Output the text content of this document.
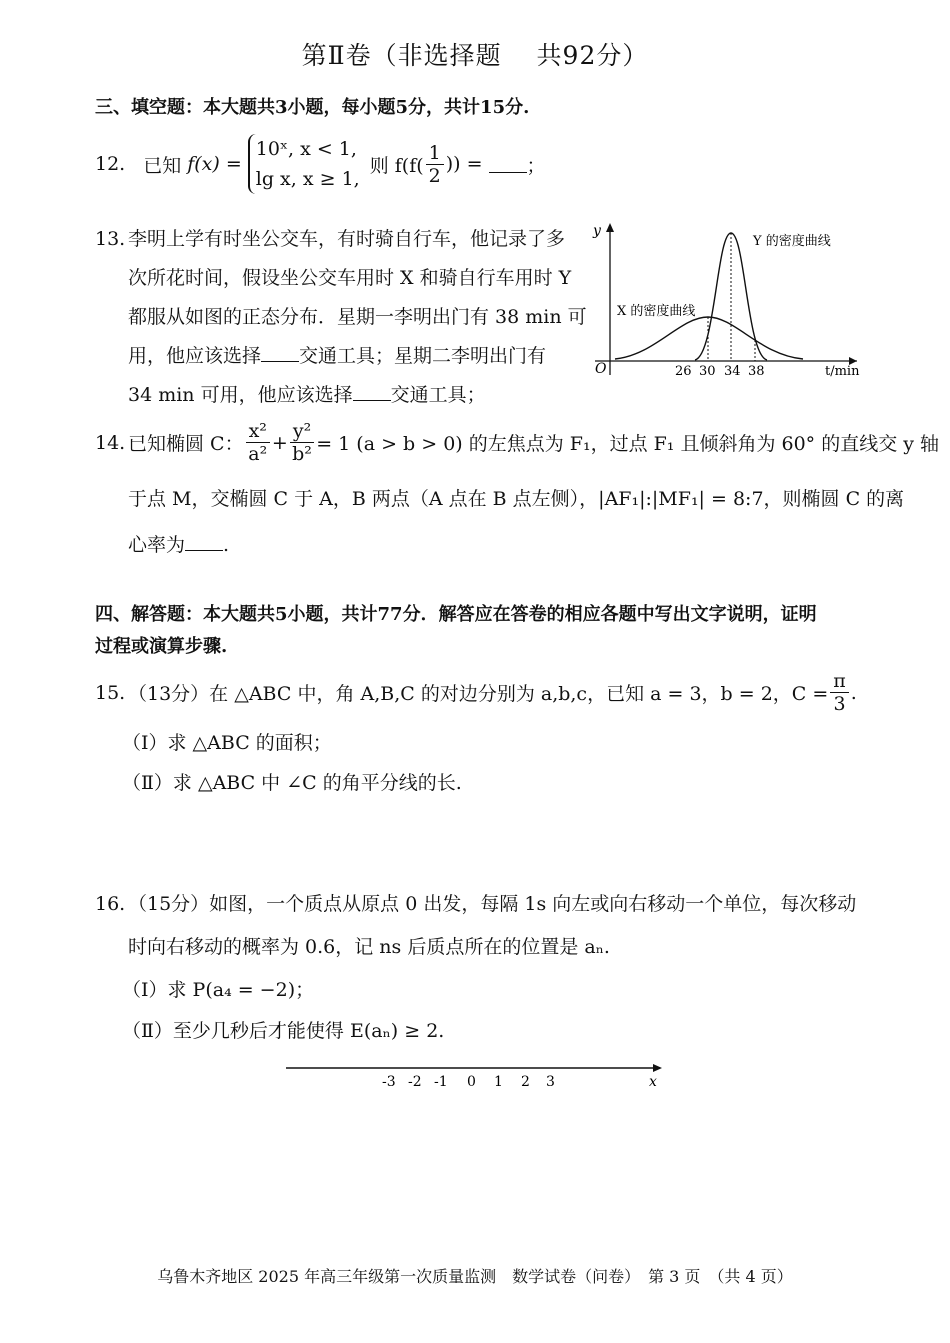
第Ⅱ卷（非选择题　 共92分）
三、填空题：本大题共3小题，每小题5分，共计15分.
12. 已知 f(x) =
10ˣ, x < 1,
lg x, x ≥ 1,
则 $f(f( \frac{1}{2}$ )) = ；
13. 李明上学有时坐公交车，有时骑自行车，他记录了多
次所花时间，假设坐公交车用时 X 和骑自行车用时 Y
都服从如图的正态分布．星期一李明出门有 38 min 可
用，他应该选择 交通工具；星期二李明出门有
34 min 可用，他应该选择 交通工具；
y
O	t/min
26 30 34 38
Y 的密度曲线
X 的密度曲线
14. 已知椭圆 C： $\frac{\text{x²}}{\text{a²}} + \frac{\text{y²}}{\text{b²}} = 1$ (a > b > 0) 的左焦点为 F₁，过点 F₁ 且倾斜角为 60° 的直线交 y 轴
于点 M，交椭圆 C 于 A，B 两点（A 点在 B 点左侧），|AF₁|:|MF₁| = 8:7，则椭圆 C 的离
心率为 .
四、解答题：本大题共5小题，共计77分．解答应在答卷的相应各题中写出文字说明，证明
过程或演算步骤.
15. （13分）在 △ABC 中，角 A,B,C 的对边分别为 a,b,c，已知 a = 3，b = 2，$C = \frac{\pi}{3}$ .
（Ⅰ）求 △ABC 的面积；
（Ⅱ）求 △ABC 中 ∠C 的角平分线的长.
16. （15分）如图，一个质点从原点 0 出发，每隔 1s 向左或向右移动一个单位，每次移动
时向右移动的概率为 0.6，记 ns 后质点所在的位置是 aₙ.
（Ⅰ）求 P(a₄ = −2)；
（Ⅱ）至少几秒后才能使得 E(aₙ) ≥ 2.
-3 -2 -1 0 1 2 3	x
乌鲁木齐地区 2025 年高三年级第一次质量监测　数学试卷（问卷）　第 3 页　（共 4 页）
